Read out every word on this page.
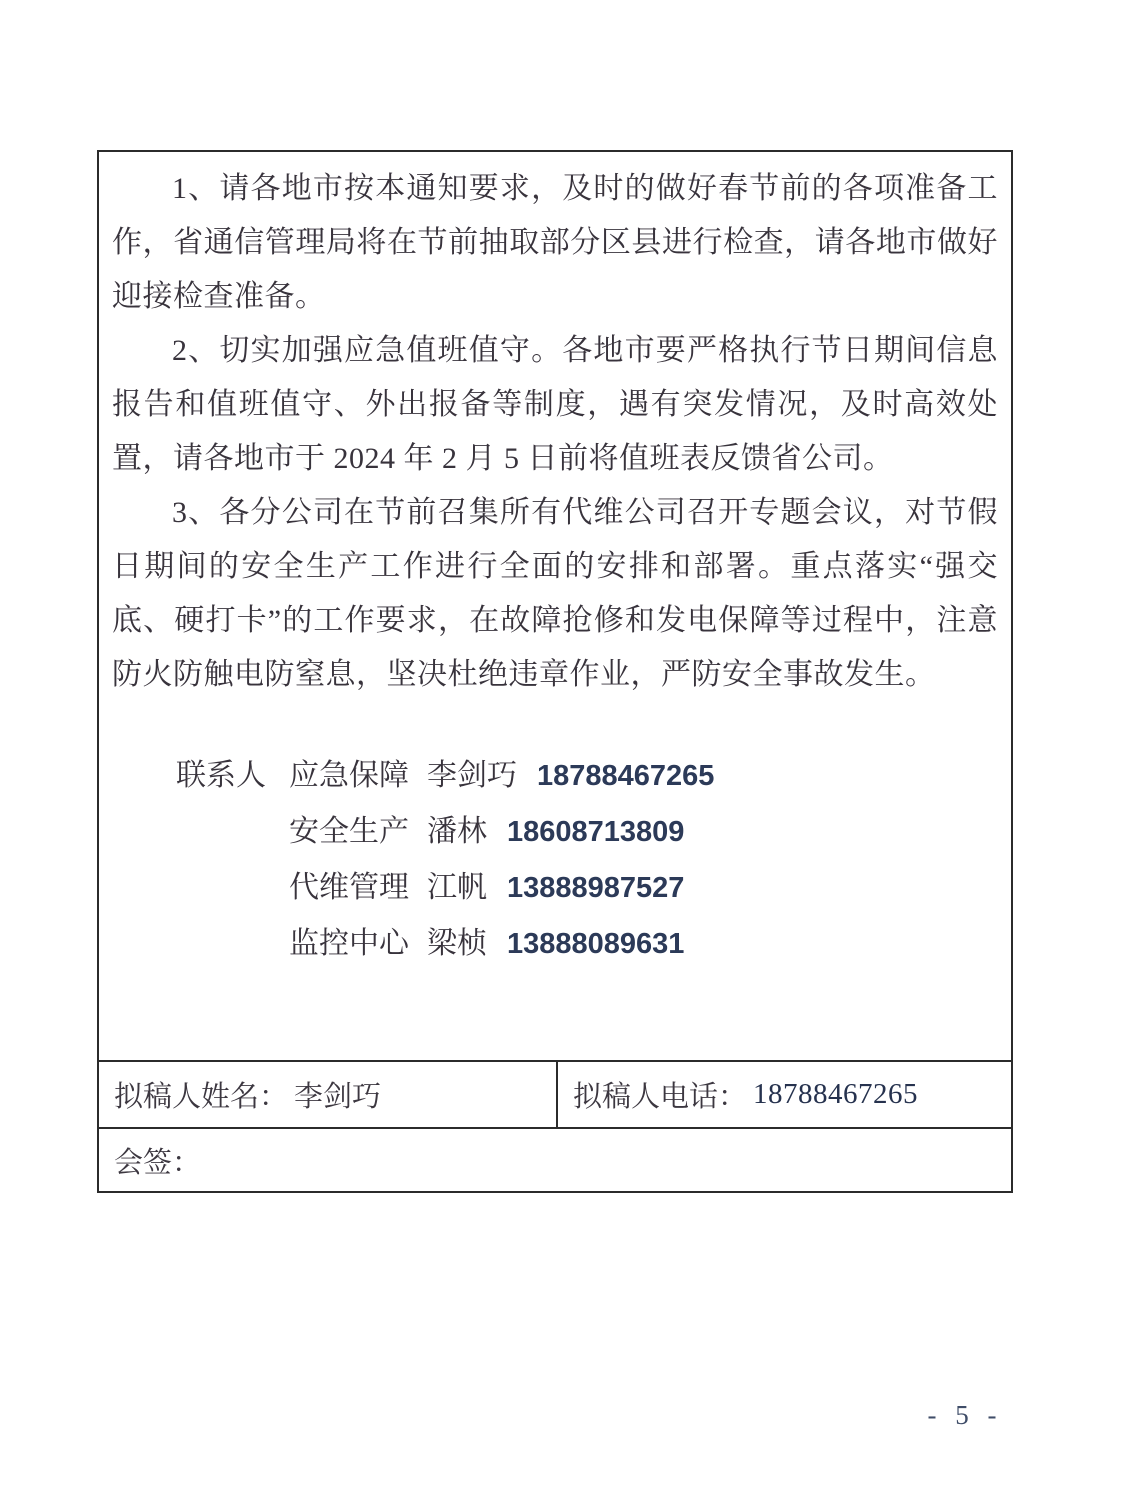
1、请各地市按本通知要求，及时的做好春节前的各项准备工作，省通信管理局将在节前抽取部分区县进行检查，请各地市做好迎接检查准备。

2、切实加强应急值班值守。各地市要严格执行节日期间信息报告和值班值守、外出报备等制度，遇有突发情况，及时高效处置，请各地市于 2024 年 2 月 5 日前将值班表反馈省公司。

3、各分公司在节前召集所有代维公司召开专题会议，对节假日期间的安全生产工作进行全面的安排和部署。重点落实“强交底、硬打卡”的工作要求，在故障抢修和发电保障等过程中，注意防火防触电防窒息，坚决杜绝违章作业，严防安全事故发生。

联系人 应急保障 李剑巧 18788467265
安全生产 潘林 18608713809
代维管理 江帆 13888987527
监控中心 梁桢 13888089631
拟稿人姓名： 李剑巧	拟稿人电话： 18788467265
会签：
- 5 -
